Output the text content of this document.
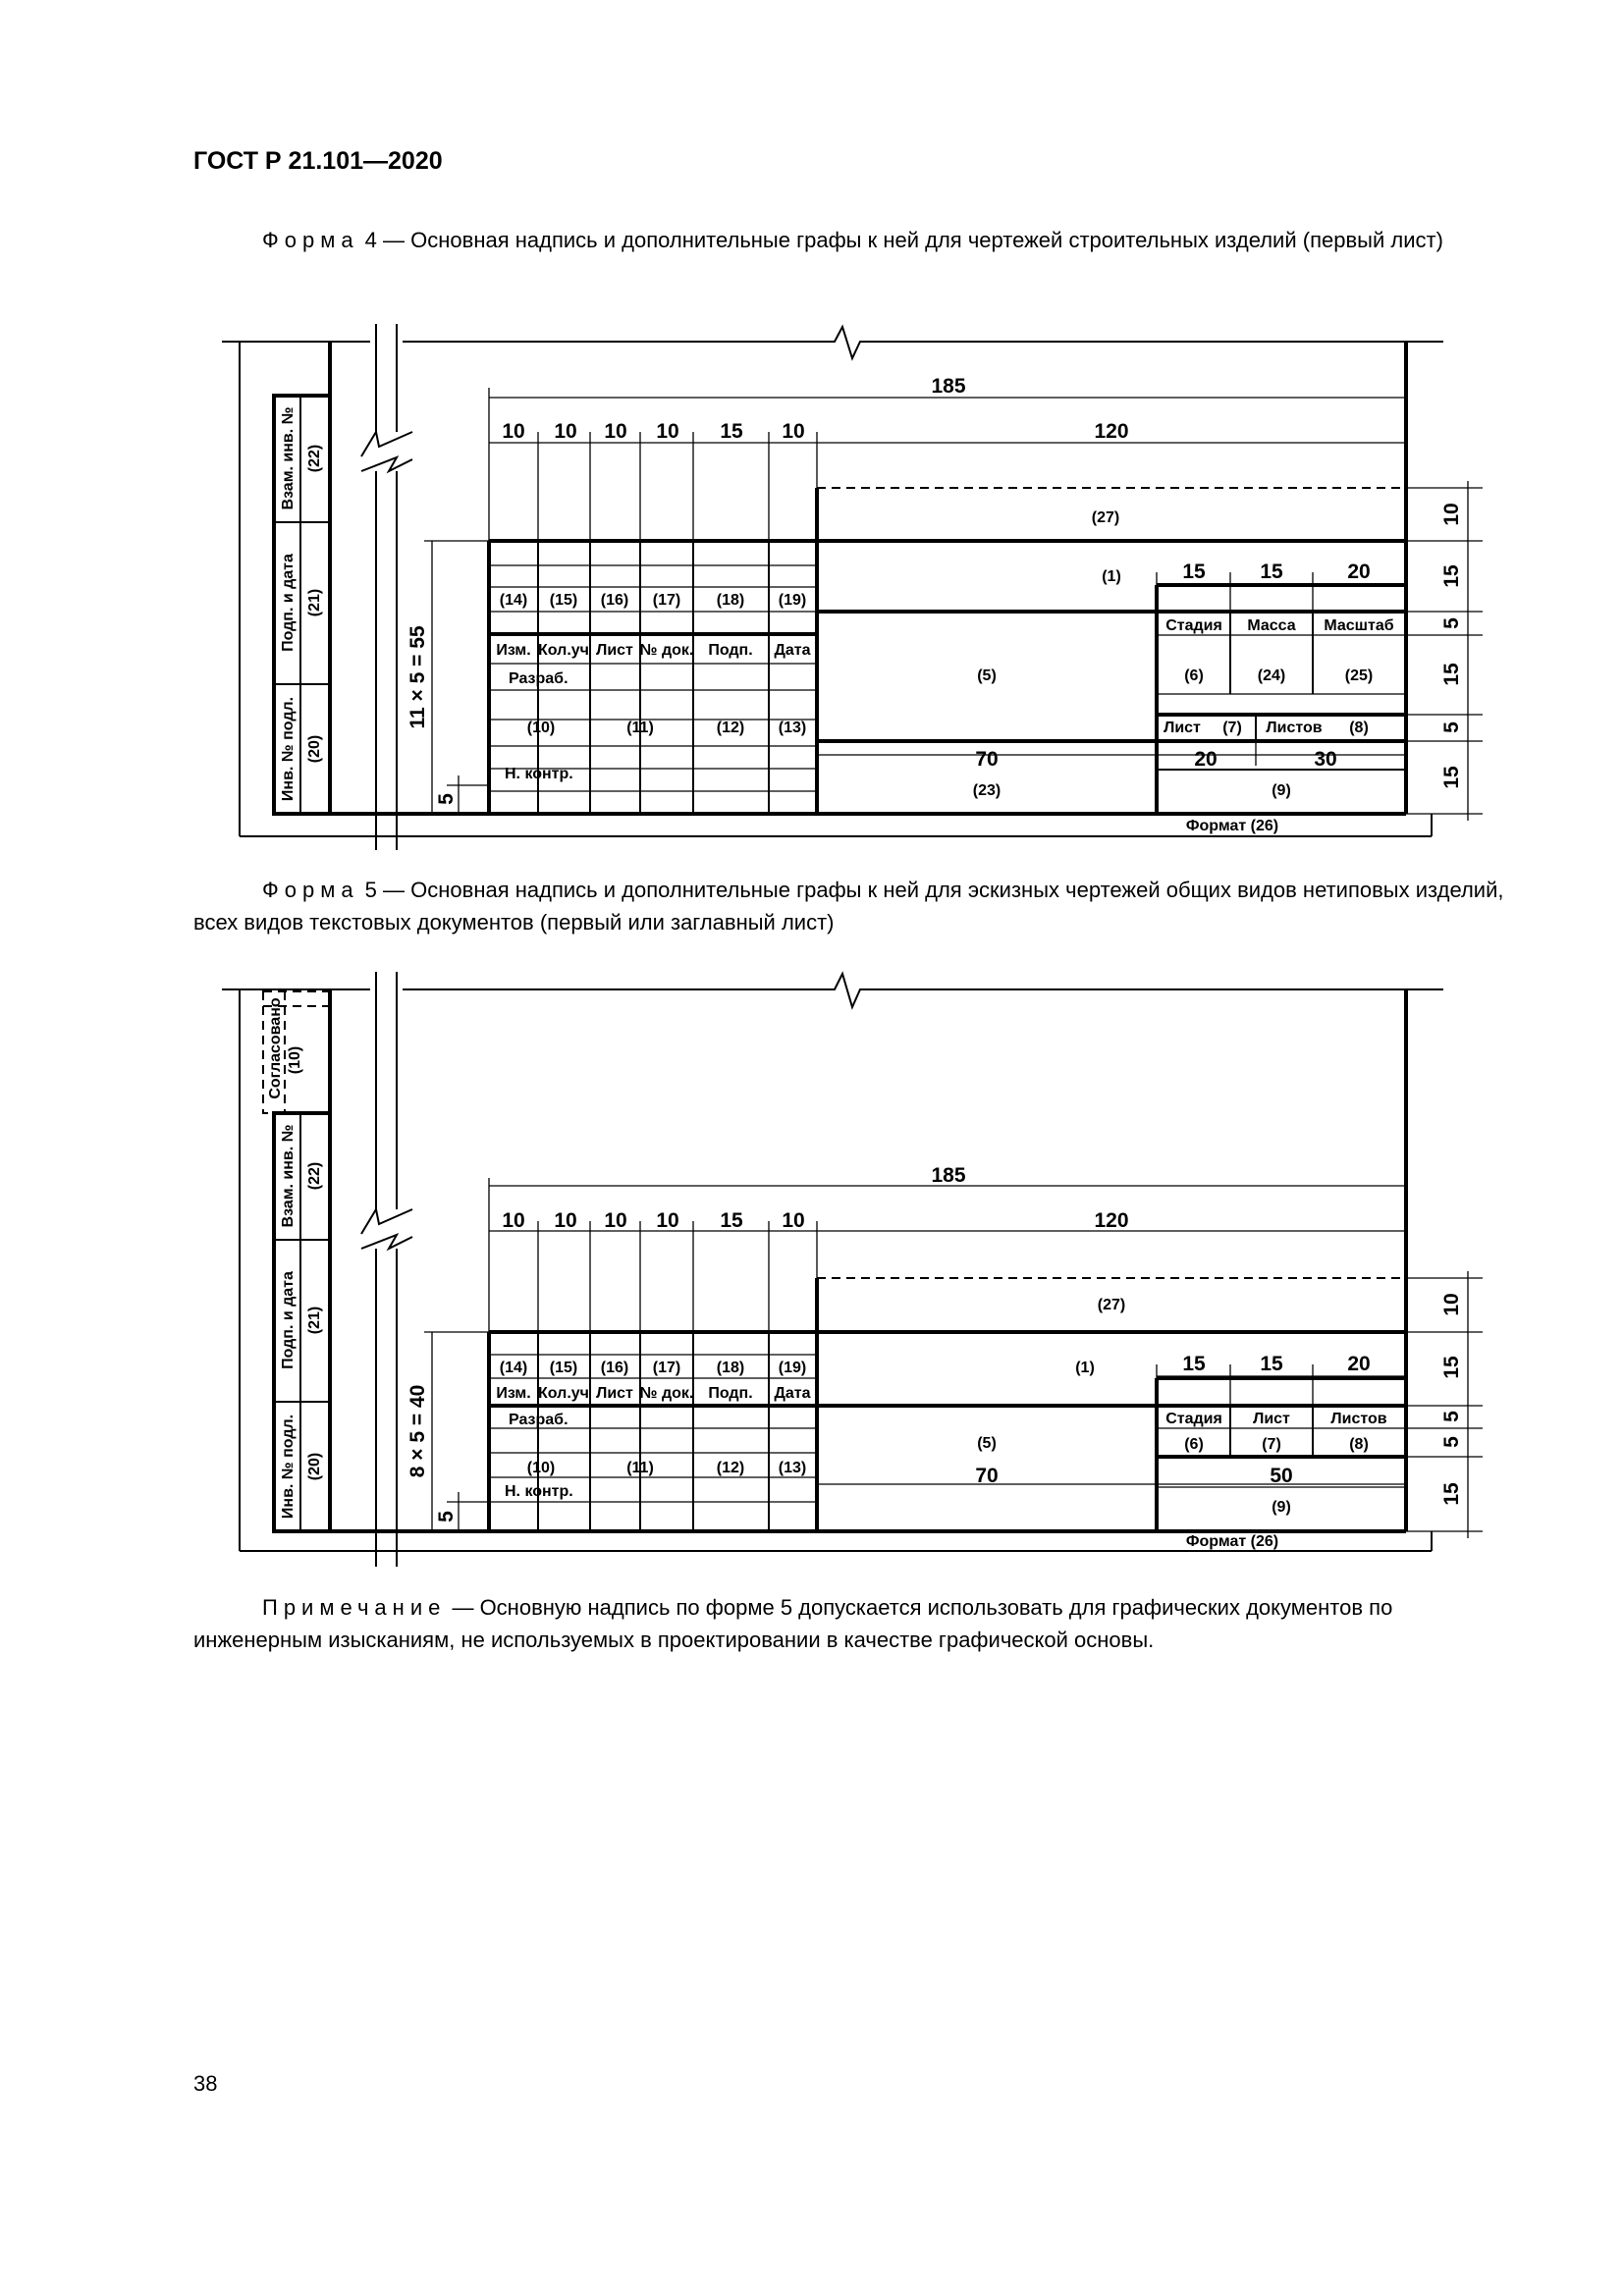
ГОСТ Р 21.101—2020
Форма 4 — Основная надпись и дополнительные графы к ней для чертежей строительных изделий (первый лист)
Взам. инв. № (22)
Подп. и дата (21)
Инв. № подл. (20)
185
10 10 10 10 15 10	120
70	20	30
15	15	20
11 × 5 = 55
5
10
15
5
15
5
15
(27)
(1)
(5)
(23)
(6)	(24)	(25)
(9)
Стадия Масса Масштаб
Лист (7) Листов (8)
Формат (26)
(14) (15) (16) (17) (18) (19)
Изм. Кол.уч Лист № док. Подп. Дата
Разраб.
(10)	(11)	(12) (13)
Н. контр.
Форма 5 — Основная надпись и дополнительные графы к ней для эскизных чертежей общих видов нетиповых изделий, всех видов текстовых документов (первый или заглавный лист)
Согласовано (10)
Взам. инв. № (22)
Подп. и дата (21)
Инв. № подл. (20)
185
10 10 10 10 15 10	120
70	50
15	15	20
8 × 5 = 40
5
10
15
5
5
15
(27)
(1)
(5)
(9)
Стадия Лист	Листов
(6)	(7)	(8)
Формат (26)
(14) (15) (16) (17) (18) (19)
Изм. Кол.уч Лист № док. Подп. Дата
Разраб.
(10)	(11)	(12) (13)
Н. контр.
Примечание — Основную надпись по форме 5 допускается использовать для графических документов по инженерным изысканиям, не используемых в проектировании в качестве графической основы.
38
